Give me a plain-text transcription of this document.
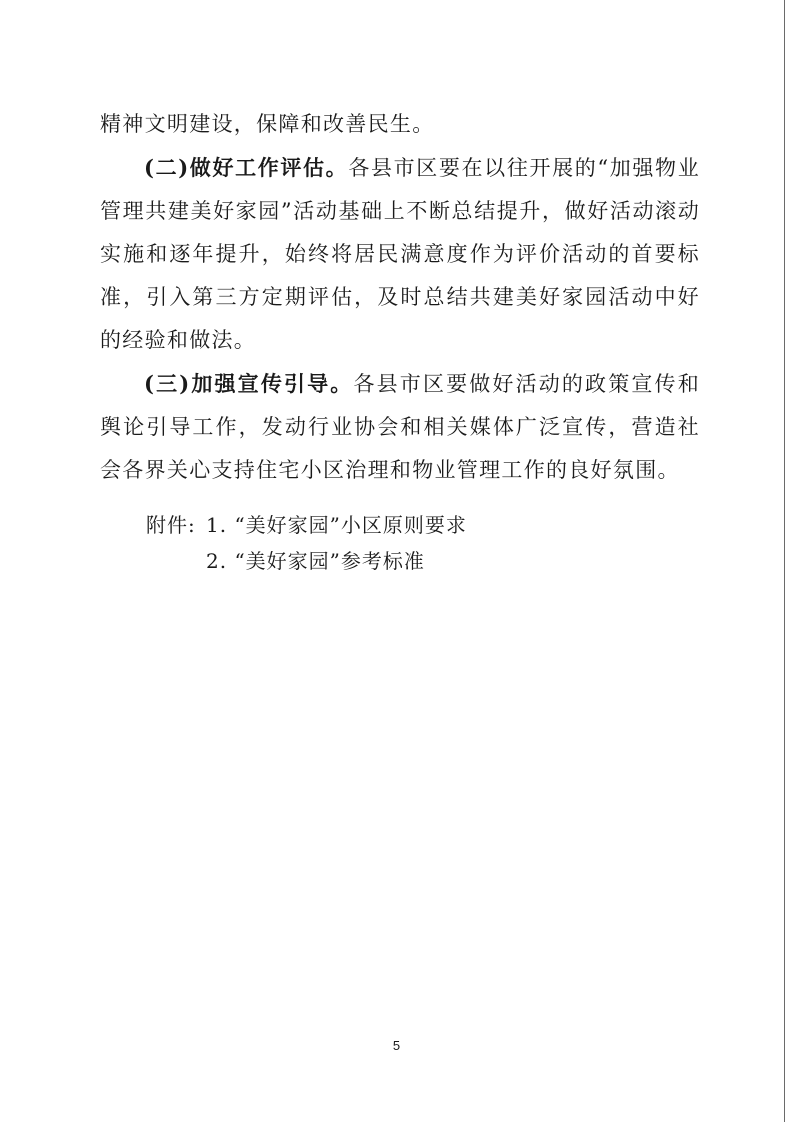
精神文明建设，保障和改善民生。

(二)做好工作评估。各县市区要在以往开展的“加强物业管理共建美好家园”活动基础上不断总结提升，做好活动滚动实施和逐年提升，始终将居民满意度作为评价活动的首要标准，引入第三方定期评估，及时总结共建美好家园活动中好的经验和做法。

(三)加强宣传引导。各县市区要做好活动的政策宣传和舆论引导工作，发动行业协会和相关媒体广泛宣传，营造社会各界关心支持住宅小区治理和物业管理工作的良好氛围。

附件: 1. “美好家园”小区原则要求
2. “美好家园”参考标准
5
